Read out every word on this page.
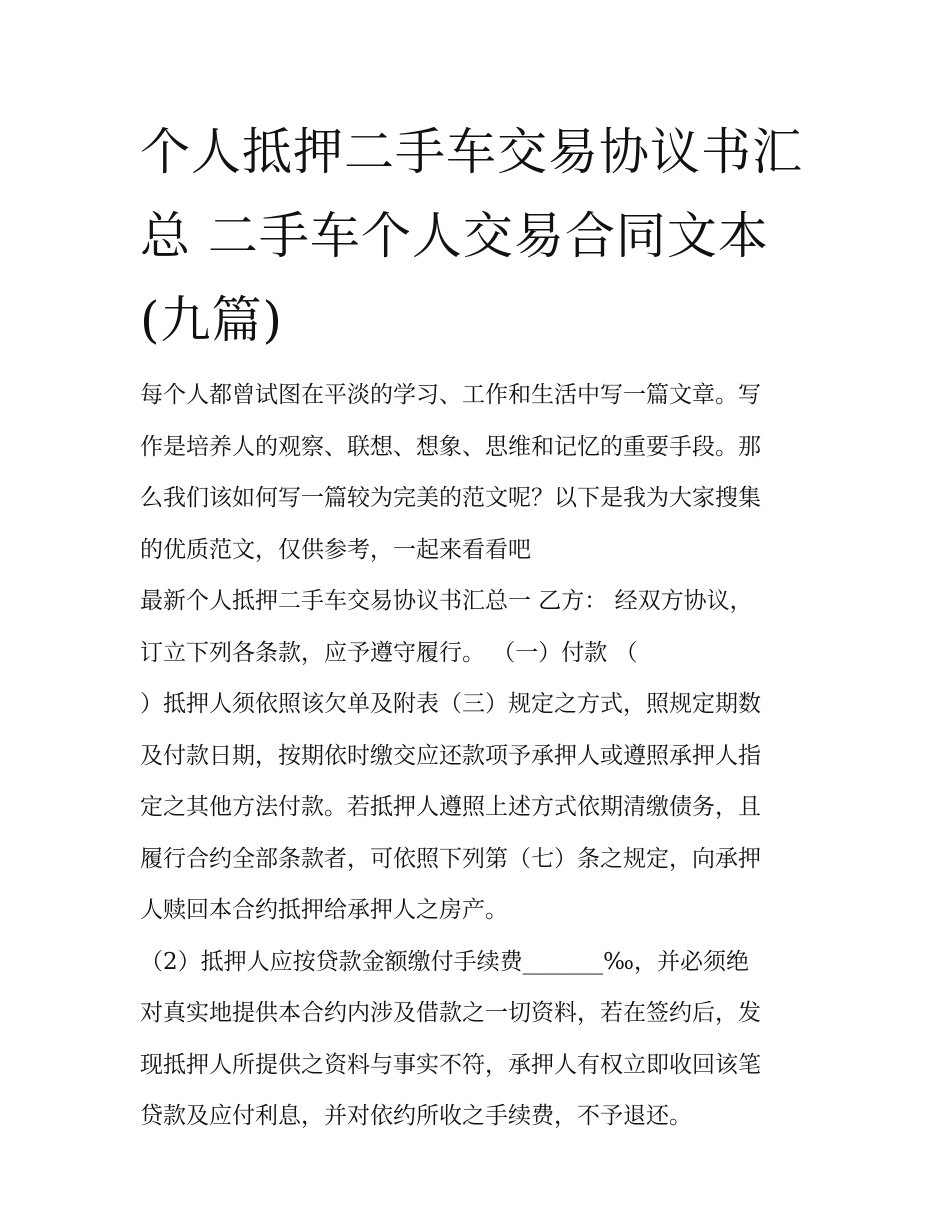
个人抵押二手车交易协议书汇
总 二手车个人交易合同文本
(九篇)

每个人都曾试图在平淡的学习、工作和生活中写一篇文章。写
作是培养人的观察、联想、想象、思维和记忆的重要手段。那
么我们该如何写一篇较为完美的范文呢？以下是我为大家搜集
的优质范文，仅供参考，一起来看看吧

最新个人抵押二手车交易协议书汇总一 乙方： 经双方协议，
订立下列各条款，应予遵守履行。 （一）付款 （
）抵押人须依照该欠单及附表（三）规定之方式，照规定期数
及付款日期，按期依时缴交应还款项予承押人或遵照承押人指
定之其他方法付款。若抵押人遵照上述方式依期清缴债务，且
履行合约全部条款者，可依照下列第（七）条之规定，向承押
人赎回本合约抵押给承押人之房产。

（2）抵押人应按贷款金额缴付手续费_______‰，并必须绝
对真实地提供本合约内涉及借款之一切资料，若在签约后，发
现抵押人所提供之资料与事实不符，承押人有权立即收回该笔
贷款及应付利息，并对依约所收之手续费，不予退还。
